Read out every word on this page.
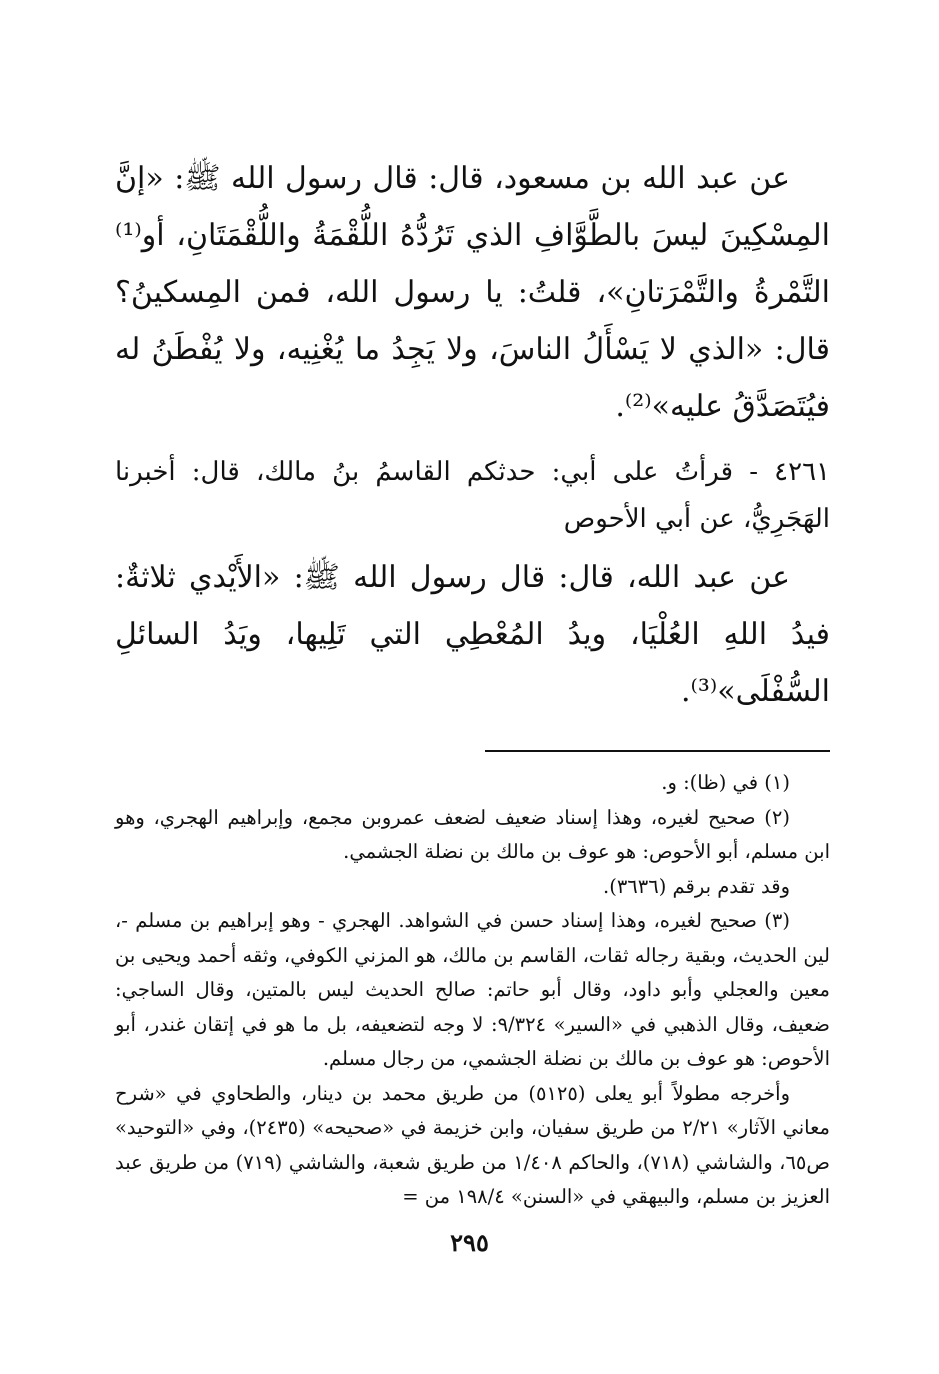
عن عبد الله بن مسعود، قال: قال رسول الله ﷺ: «إنَّ المِسْكِينَ ليسَ بالطَّوَّافِ الذي تَرُدُّهُ اللُّقْمَةُ واللُّقْمَتَانِ، أو⁽¹⁾ التَّمْرةُ والتَّمْرَتانِ»، قلتُ: يا رسول الله، فمن المِسكينُ؟ قال: «الذي لا يَسْأَلُ الناسَ، ولا يَجِدُ ما يُغْنِيه، ولا يُفْطَنُ له فيُتَصَدَّقُ عليه»⁽²⁾.

٤٢٦١ - قرأتُ على أبي: حدثكم القاسمُ بنُ مالك، قال: أخبرنا الهَجَرِيُّ، عن أبي الأحوص

عن عبد الله، قال: قال رسول الله ﷺ: «الأَيْدي ثلاثةٌ: فيدُ اللهِ العُلْيَا، ويدُ المُعْطِي التي تَلِيها، ويَدُ السائلِ السُّفْلَى»⁽³⁾.

(١) في (ظا): و.

(٢) صحيح لغيره، وهذا إسناد ضعيف لضعف عمروبن مجمع، وإبراهيم الهجري، وهو ابن مسلم، أبو الأحوص: هو عوف بن مالك بن نضلة الجشمي.

وقد تقدم برقم (٣٦٣٦).

(٣) صحيح لغيره، وهذا إسناد حسن في الشواهد. الهجري - وهو إبراهيم بن مسلم -، لين الحديث، وبقية رجاله ثقات، القاسم بن مالك، هو المزني الكوفي، وثقه أحمد ويحيى بن معين والعجلي وأبو داود، وقال أبو حاتم: صالح الحديث ليس بالمتين، وقال الساجي: ضعيف، وقال الذهبي في «السير» ٩/٣٢٤: لا وجه لتضعيفه، بل ما هو في إتقان غندر، أبو الأحوص: هو عوف بن مالك بن نضلة الجشمي، من رجال مسلم.

وأخرجه مطولاً أبو يعلى (٥١٢٥) من طريق محمد بن دينار، والطحاوي في «شرح معاني الآثار» ٢/٢١ من طريق سفيان، وابن خزيمة في «صحيحه» (٢٤٣٥)، وفي «التوحيد» ص٦٥، والشاشي (٧١٨)، والحاكم ١/٤٠٨ من طريق شعبة، والشاشي (٧١٩) من طريق عبد العزيز بن مسلم، والبيهقي في «السنن» ١٩٨/٤ من =

٢٩٥
